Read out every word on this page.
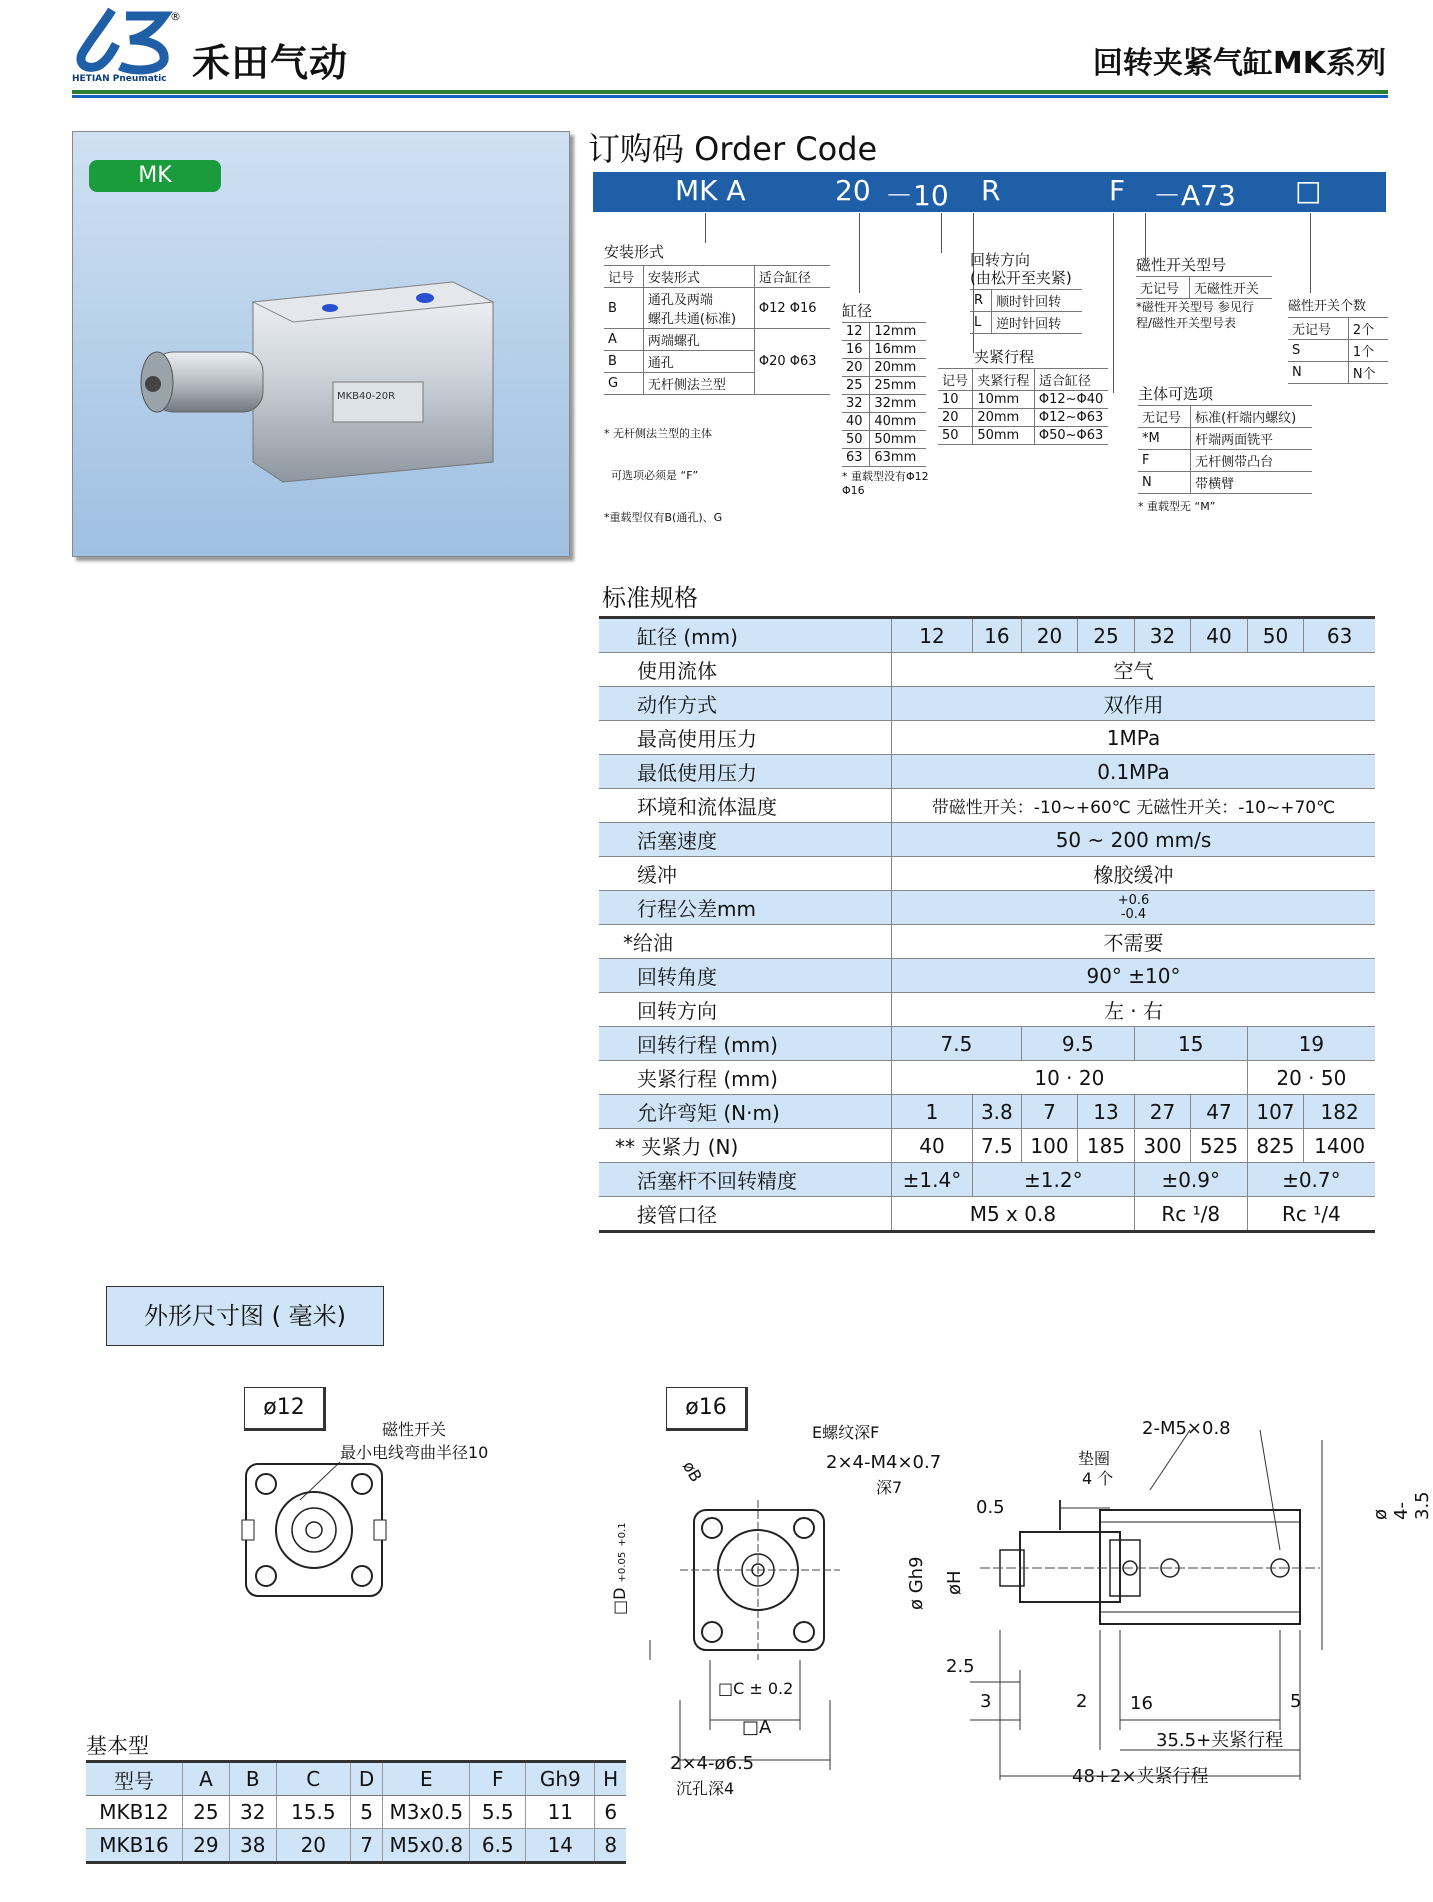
®
HETIAN Pneumatic 禾田气动	回转夹紧气缸MK系列
MK
MKB40-20R
订购码 Order Code
MK A	20 －10 R	F －A73 □
安装形式
记号	安装形式	适合缸径
B	通孔及两端
螺孔共通(标准)	Φ12 Φ16
A	两端螺孔	Φ20 Φ63
B	通孔	
G	无杆侧法兰型	

* 无杆侧法兰型的主体

可选项必须是 “F”

*重载型仅有B(通孔)、G

缸径
12	12mm
16	16mm
20	20mm
25	25mm
32	32mm
40	40mm
50	50mm
63	63mm
* 重载型没有Φ12
Φ16
回转方向
(由松开至夹紧)
R	顺时针回转
L	逆时针回转
夹紧行程
记号	夹紧行程	适合缸径
10	10mm	Φ12~Φ40
20	20mm	Φ12~Φ63
50	50mm	Φ50~Φ63
磁性开关型号
无记号	无磁性开关
*磁性开关型号 参见行
程/磁性开关型号表
磁性开关个数
无记号	2个
S	1个
N	N个
主体可选项
无记号	标准(杆端内螺纹)
*M	杆端两面铣平
F	无杆侧带凸台
N	带横臂
* 重载型无 “M”
标准规格
缸径 (mm)	12	16	20	25	32	40	50	63
使用流体	空气							
动作方式	双作用							
最高使用压力	1MPa							
最低使用压力	0.1MPa							
环境和流体温度	带磁性开关：-10~+60℃ 无磁性开关：-10~+70℃							
活塞速度	50 ~ 200 mm/s							
缓冲	橡胶缓冲							
行程公差mm	+0.6
-0.4							

*给油	不需要							
回转角度	90° ±10°							
回转方向	左 · 右							
回转行程 (mm)	7.5		9.5		15		19	
夹紧行程 (mm)	10 · 20						20 · 50	
允许弯矩 (N·m)	1	3.8	7	13	27	47	107	182
** 夹紧力 (N)	40	7.5	100	185	300	525	825	1400
活塞杆不回转精度	±1.4°	±1.2°			±0.9°		±0.7°	
接管口径	M5 x 0.8				Rc ¹/8		Rc ¹/4	
外形尺寸图 ( 毫米)
ø12
磁性开关
最小电线弯曲半径10
ø16
øB
E螺纹深F
2×4-M4×0.7
深7
□D +0.05 +0.1
□C ± 0.2
□A
2×4-ø6.5
沉孔深4
2-M5×0.8
垫圈
4 个
0.5	ø 4-3.5
ø Gh9 øH
2.5
3	2 16	5
35.5+夹紧行程
48+2×夹紧行程
基本型
型号	A	B	C	D	E	F	Gh9	H
MKB12	25	32	15.5	5	M3x0.5	5.5	11	6
MKB16	29	38	20	7	M5x0.8	6.5	14	8
